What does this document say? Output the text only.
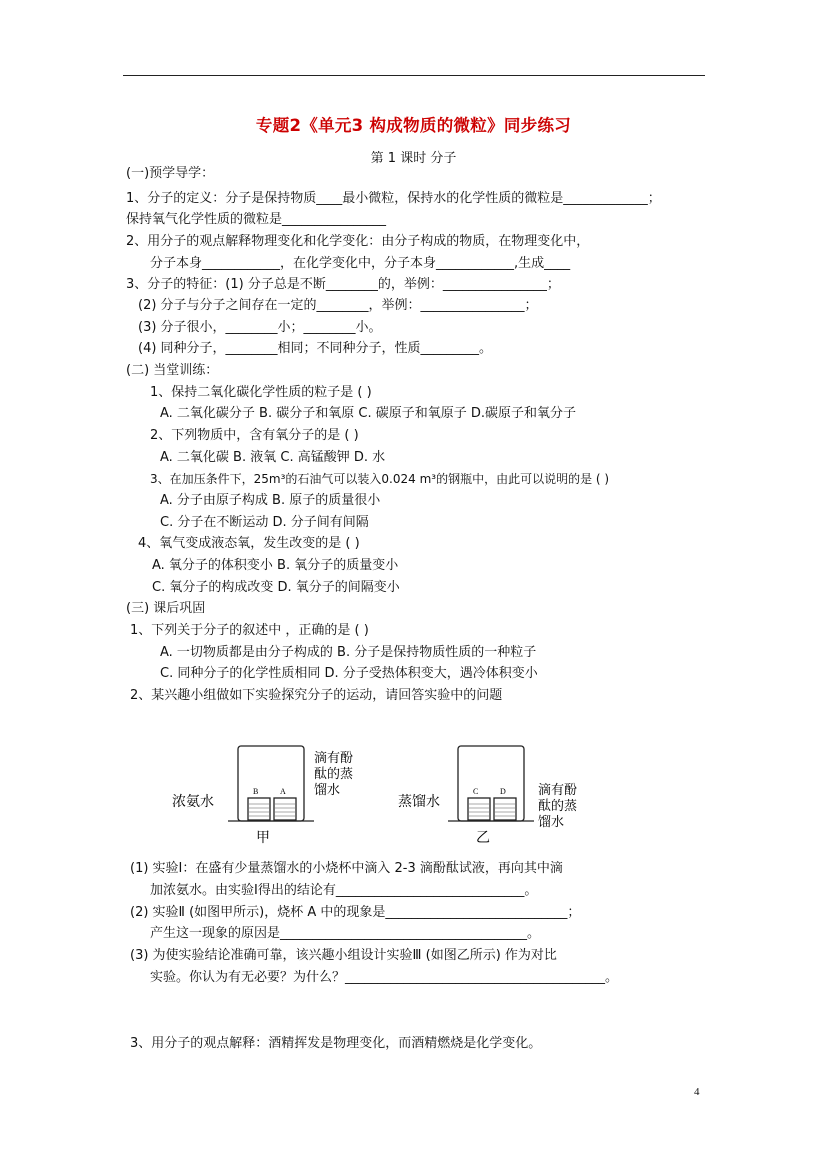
专题2《单元3 构成物质的微粒》同步练习
第 1 课时 分子
(一)预学导学：
1、分子的定义：分子是保持物质____最小微粒，保持水的化学性质的微粒是_____________；
保持氧气化学性质的微粒是________________
2、用分子的观点解释物理变化和化学变化：由分子构成的物质，在物理变化中，
分子本身____________，在化学变化中，分子本身____________,生成____
3、分子的特征：(1) 分子总是不断________的，举例：________________；
(2) 分子与分子之间存在一定的________，举例：________________；
(3) 分子很小，________小；________小。
(4) 同种分子，________相同；不同种分子，性质_________。
(二) 当堂训练：
1、保持二氧化碳化学性质的粒子是 ( )
A. 二氧化碳分子 B. 碳分子和氧原 C. 碳原子和氧原子 D.碳原子和氧分子
2、下列物质中，含有氧分子的是 ( )
A. 二氧化碳 B. 液氧 C. 高锰酸钾 D. 水
3、在加压条件下，25m³的石油气可以装入0.024 m³的钢瓶中，由此可以说明的是 ( )
A. 分子由原子构成 B. 原子的质量很小
C. 分子在不断运动 D. 分子间有间隔
4、氧气变成液态氧，发生改变的是 ( )
A. 氧分子的体积变小 B. 氧分子的质量变小
C. 氧分子的构成改变 D. 氧分子的间隔变小
(三) 课后巩固
1、下列关于分子的叙述中 ，正确的是 ( )
A. 一切物质都是由分子构成的 B. 分子是保持物质性质的一种粒子
C. 同种分子的化学性质相同 D. 分子受热体积变大，遇冷体积变小
2、某兴趣小组做如下实验探究分子的运动，请回答实验中的问题
B	A
浓氨水
滴有酚
酞的蒸
馏水
甲
C	D
蒸馏水
滴有酚
酞的蒸
馏水
乙
(1) 实验Ⅰ：在盛有少量蒸馏水的小烧杯中滴入 2-3 滴酚酞试液，再向其中滴
加浓氨水。由实验Ⅰ得出的结论有_____________________________。
(2) 实验Ⅱ (如图甲所示)，烧杯 A 中的现象是____________________________；
产生这一现象的原因是______________________________________。
(3) 为使实验结论准确可靠，该兴趣小组设计实验Ⅲ (如图乙所示) 作为对比
实验。你认为有无必要？为什么？________________________________________。
3、用分子的观点解释：酒精挥发是物理变化，而酒精燃烧是化学变化。
4
